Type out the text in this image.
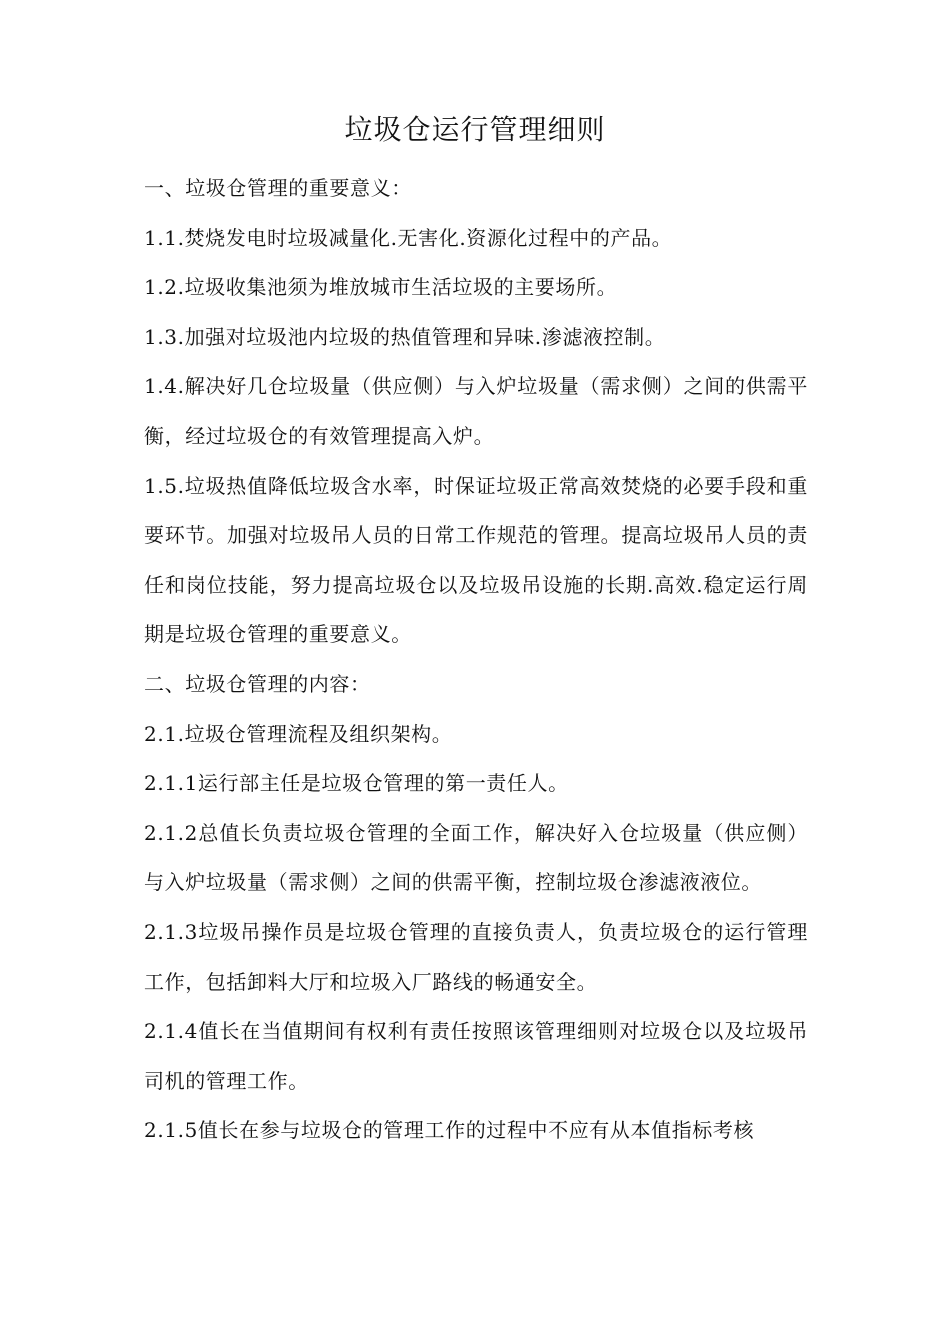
垃圾仓运行管理细则

一、垃圾仓管理的重要意义：

1.1.焚烧发电时垃圾减量化.无害化.资源化过程中的产品。

1.2.垃圾收集池须为堆放城市生活垃圾的主要场所。

1.3.加强对垃圾池内垃圾的热值管理和异味.渗滤液控制。

1.4.解决好几仓垃圾量（供应侧）与入炉垃圾量（需求侧）之间的供需平衡，经过垃圾仓的有效管理提高入炉。

1.5.垃圾热值降低垃圾含水率，时保证垃圾正常高效焚烧的必要手段和重要环节。加强对垃圾吊人员的日常工作规范的管理。提高垃圾吊人员的责任和岗位技能，努力提高垃圾仓以及垃圾吊设施的长期.高效.稳定运行周期是垃圾仓管理的重要意义。

二、垃圾仓管理的内容：

2.1.垃圾仓管理流程及组织架构。

2.1.1运行部主任是垃圾仓管理的第一责任人。

2.1.2总值长负责垃圾仓管理的全面工作，解决好入仓垃圾量（供应侧）与入炉垃圾量（需求侧）之间的供需平衡，控制垃圾仓渗滤液液位。

2.1.3垃圾吊操作员是垃圾仓管理的直接负责人，负责垃圾仓的运行管理工作，包括卸料大厅和垃圾入厂路线的畅通安全。

2.1.4值长在当值期间有权利有责任按照该管理细则对垃圾仓以及垃圾吊司机的管理工作。

2.1.5值长在参与垃圾仓的管理工作的过程中不应有从本值指标考核
